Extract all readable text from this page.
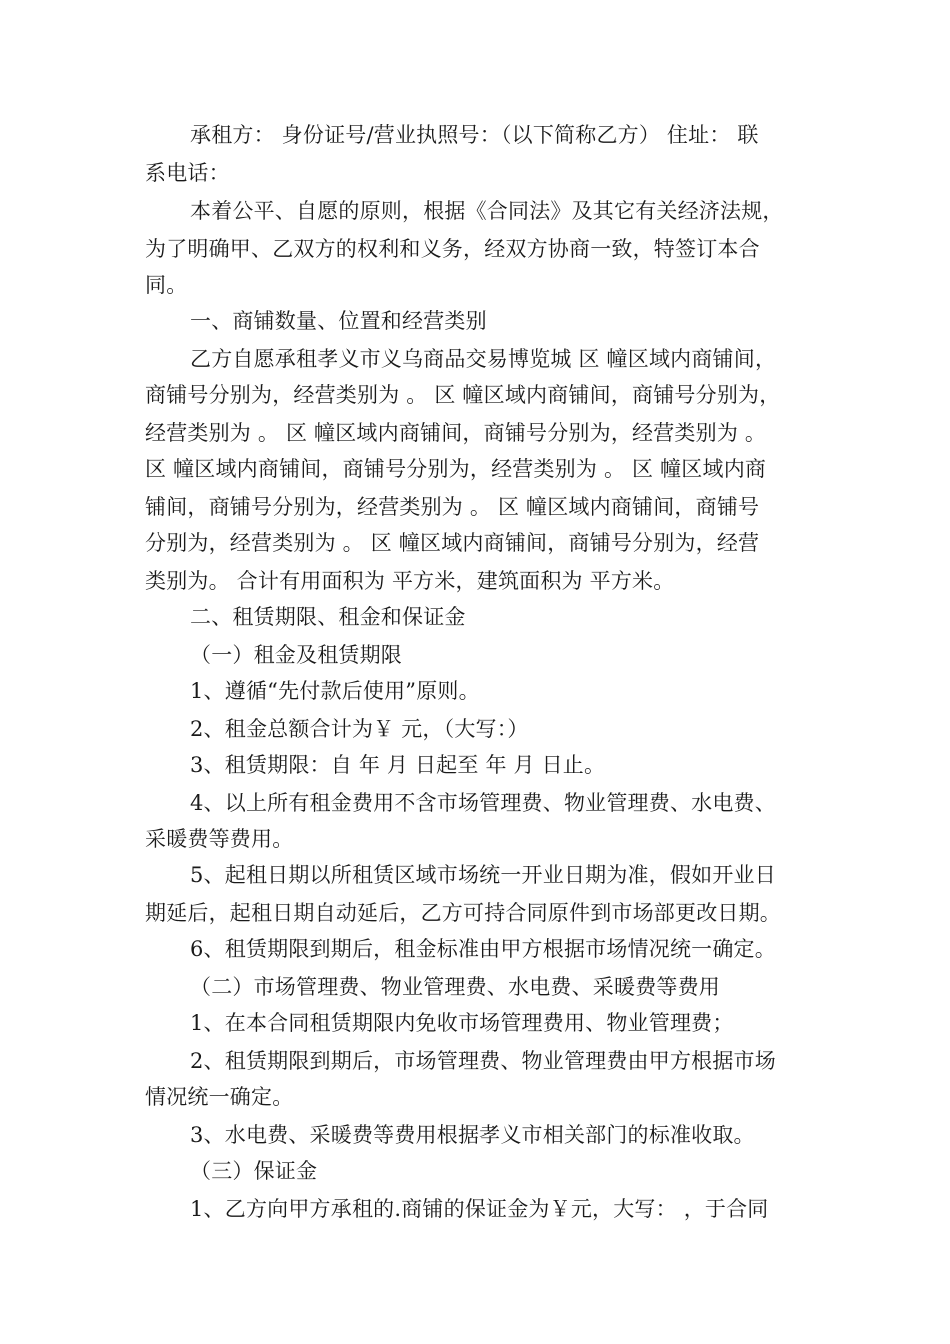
承租方： 身份证号/营业执照号：（以下简称乙方） 住址： 联
系电话：
本着公平、自愿的原则，根据《合同法》及其它有关经济法规，
为了明确甲、乙双方的权利和义务，经双方协商一致，特签订本合
同。
一、商铺数量、位置和经营类别
乙方自愿承租孝义市义乌商品交易博览城 区 幢区域内商铺间，
商铺号分别为，经营类别为 。 区 幢区域内商铺间，商铺号分别为，
经营类别为 。 区 幢区域内商铺间，商铺号分别为，经营类别为 。
区 幢区域内商铺间，商铺号分别为，经营类别为 。 区 幢区域内商
铺间，商铺号分别为，经营类别为 。 区 幢区域内商铺间，商铺号
分别为，经营类别为 。 区 幢区域内商铺间，商铺号分别为，经营
类别为。 合计有用面积为 平方米，建筑面积为 平方米。
二、租赁期限、租金和保证金
（一）租金及租赁期限
1、遵循“先付款后使用”原则。
2、租金总额合计为￥ 元，（大写：）
3、租赁期限：自 年 月 日起至 年 月 日止。
4、以上所有租金费用不含市场管理费、物业管理费、水电费、
采暖费等费用。
5、起租日期以所租赁区域市场统一开业日期为准，假如开业日
期延后，起租日期自动延后，乙方可持合同原件到市场部更改日期。
6、租赁期限到期后，租金标准由甲方根据市场情况统一确定。
（二）市场管理费、物业管理费、水电费、采暖费等费用
1、在本合同租赁期限内免收市场管理费用、物业管理费；
2、租赁期限到期后，市场管理费、物业管理费由甲方根据市场
情况统一确定。
3、水电费、采暖费等费用根据孝义市相关部门的标准收取。
（三）保证金
1、乙方向甲方承租的.商铺的保证金为￥元，大写： ，于合同
